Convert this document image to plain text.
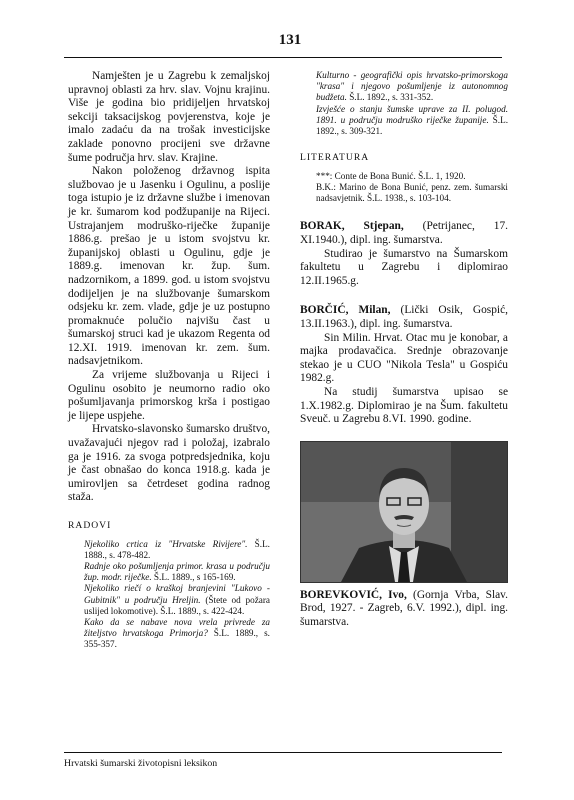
131

Namješten je u Zagrebu k zemaljskoj upravnoj oblasti za hrv. slav. Vojnu krajinu. Više je godina bio pridijeljen hrvatskoj sekciji taksacijskog povjerenstva, koje je imalo zadaću da na trošak investicijske zaklade ponovno procijeni sve državne šume područja hrv. slav. Krajine.

Nakon položenog državnog ispita službovao je u Jasenku i Ogulinu, a poslije toga istupio je iz državne službe i imenovan je kr. šumarom kod podžupanije na Rijeci. Ustrajanjem modruško-riječke županije 1886.g. prešao je u istom svojstvu kr. županijskoj oblasti u Ogulinu, gdje je 1889.g. imenovan kr. žup. šum. nadzornikom, a 1899. god. u istom svojstvu dodijeljen je na službovanje šumarskom odsjeku kr. zem. vlade, gdje je uz postupno promaknuće polučio najvišu čast u šumarskoj struci kad je ukazom Regenta od 12.XI. 1919. imenovan kr. zem. šum. nadsavjetnikom.

Za vrijeme službovanja u Rijeci i Ogulinu osobito je neumorno radio oko pošumljavanja primorskog krša i postigao je lijepe uspjehe.

Hrvatsko-slavonsko šumarsko društvo, uvažavajući njegov rad i položaj, izabralo ga je 1916. za svoga potpredsjednika, koju je čast obnašao do konca 1918.g. kada je umirovljen sa četrdeset godina radnog staža.

RADOVI

Njekoliko crtica iz "Hrvatske Rivijere". Š.L. 1888., s. 478-482.

Radnje oko pošumljenja primor. krasa u području žup. modr. riječke. Š.L. 1889., s 165-169.

Njekoliko riečí o kraškoj branjevini "Lukovo - Gubitnik" u području Hreljin. (Štete od požara uslijed lokomotive). Š.L. 1889., s. 422-424.

Kako da se nabave nova vrela privrede za žiteljstvo hrvatskoga Primorja? Š.L. 1889., s. 355-357.

Kulturno - geografički opis hrvatsko-primorskoga "krasa" i njegovo pošumljenje iz autonomnog budžeta. Š.L. 1892., s. 331-352.

Izvješće o stanju šumske uprave za II. polugod. 1891. u području modruško riječke županije. Š.L. 1892., s. 309-321.

LITERATURA

***: Conte de Bona Bunić. Š.L. 1, 1920.

B.K.: Marino de Bona Bunić, penz. zem. šumarski nadsavjetnik. Š.L. 1938., s. 103-104.

BORAK, Stjepan, (Petrijanec, 17. XI.1940.), dipl. ing. šumarstva.

Studirao je šumarstvo na Šumarskom fakultetu u Zagrebu i diplomirao 12.II.1965.g.

BORČIĆ, Milan, (Lički Osik, Gospić, 13.II.1963.), dipl. ing. šumarstva.

Sin Milin. Hrvat. Otac mu je konobar, a majka prodavačica. Srednje obrazovanje stekao je u CUO "Nikola Tesla" u Gospiću 1982.g.

Na studij šumarstva upisao se 1.X.1982.g. Diplomirao je na Šum. fakultetu Sveuč. u Zagrebu 8.VI. 1990. godine.

BOREVKOVIĆ, Ivo, (Gornja Vrba, Slav. Brod, 1927. - Zagreb, 6.V. 1992.), dipl. ing. šumarstva.

Hrvatski šumarski životopisni leksikon
